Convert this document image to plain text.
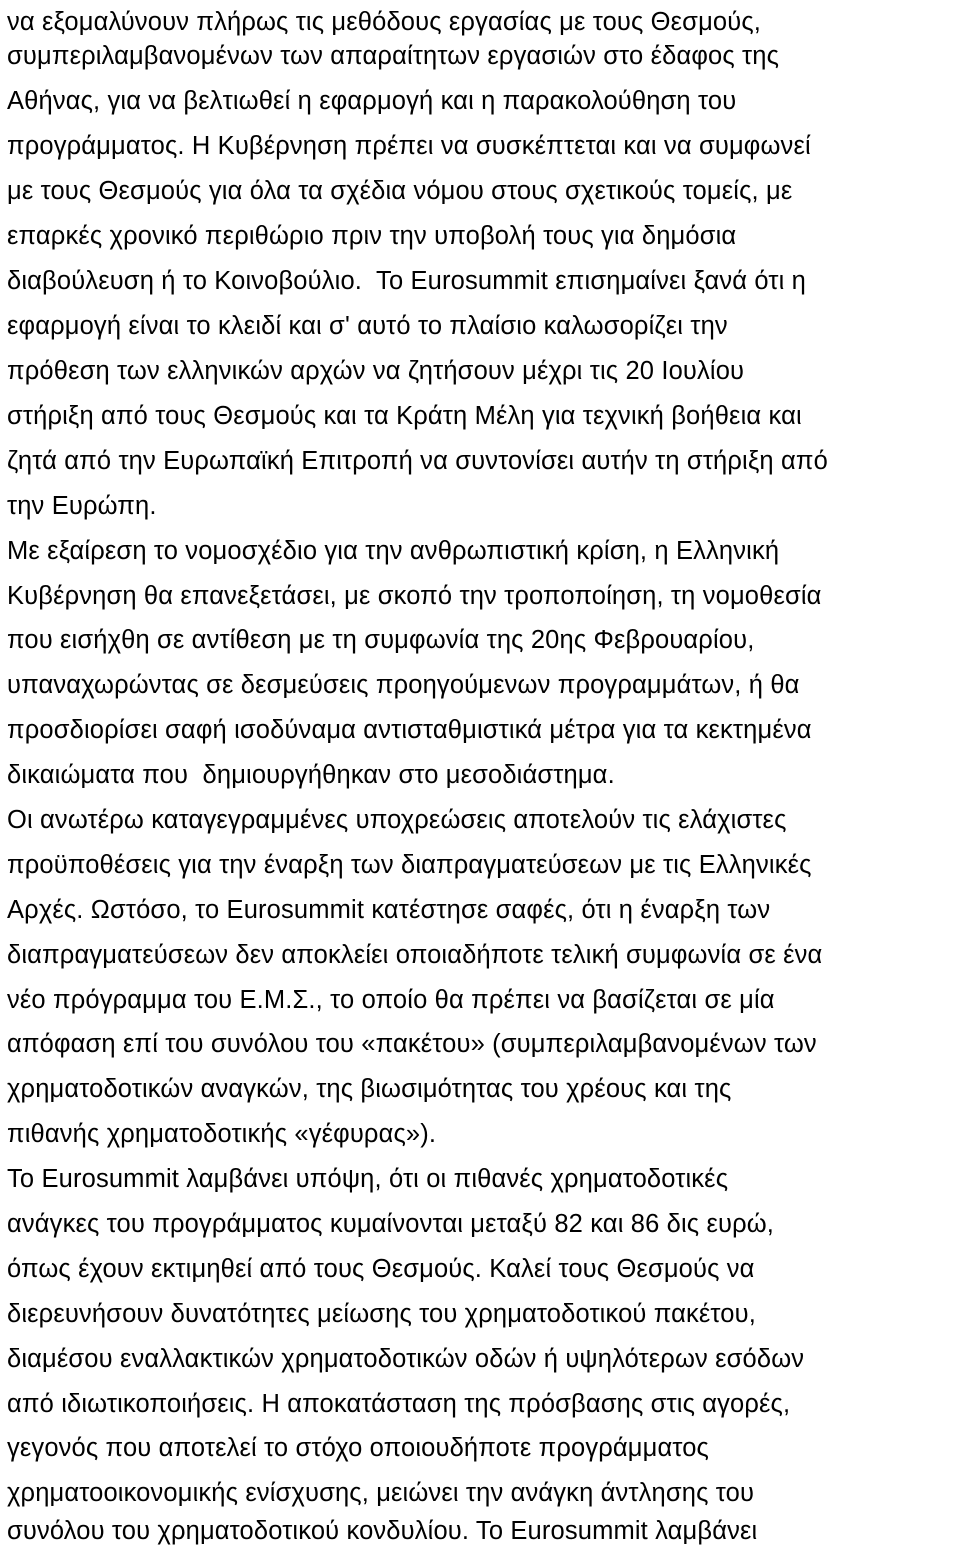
να εξομαλύνουν πλήρως τις μεθόδους εργασίας με τους Θεσμούς,
συμπεριλαμβανομένων των απαραίτητων εργασιών στο έδαφος της
Αθήνας, για να βελτιωθεί η εφαρμογή και η παρακολούθηση του
προγράμματος. Η Κυβέρνηση πρέπει να συσκέπτεται και να συμφωνεί
με τους Θεσμούς για όλα τα σχέδια νόμου στους σχετικούς τομείς, με
επαρκές χρονικό περιθώριο πριν την υποβολή τους για δημόσια
διαβούλευση ή το Κοινοβούλιο.  Το Eurosummit επισημαίνει ξανά ότι η
εφαρμογή είναι το κλειδί και σ' αυτό το πλαίσιο καλωσορίζει την
πρόθεση των ελληνικών αρχών να ζητήσουν μέχρι τις 20 Ιουλίου
στήριξη από τους Θεσμούς και τα Κράτη Μέλη για τεχνική βοήθεια και
ζητά από την Ευρωπαϊκή Επιτροπή να συντονίσει αυτήν τη στήριξη από
την Ευρώπη.
Με εξαίρεση το νομοσχέδιο για την ανθρωπιστική κρίση, η Ελληνική
Κυβέρνηση θα επανεξετάσει, με σκοπό την τροποποίηση, τη νομοθεσία
που εισήχθη σε αντίθεση με τη συμφωνία της 20ης Φεβρουαρίου,
υπαναχωρώντας σε δεσμεύσεις προηγούμενων προγραμμάτων, ή θα
προσδιορίσει σαφή ισοδύναμα αντισταθμιστικά μέτρα για τα κεκτημένα
δικαιώματα που  δημιουργήθηκαν στο μεσοδιάστημα.
Οι ανωτέρω καταγεγραμμένες υποχρεώσεις αποτελούν τις ελάχιστες
προϋποθέσεις για την έναρξη των διαπραγματεύσεων με τις Ελληνικές
Αρχές. Ωστόσο, το Eurosummit κατέστησε σαφές, ότι η έναρξη των
διαπραγματεύσεων δεν αποκλείει οποιαδήποτε τελική συμφωνία σε ένα
νέο πρόγραμμα του Ε.Μ.Σ., το οποίο θα πρέπει να βασίζεται σε μία
απόφαση επί του συνόλου του «πακέτου» (συμπεριλαμβανομένων των
χρηματοδοτικών αναγκών, της βιωσιμότητας του χρέους και της
πιθανής χρηματοδοτικής «γέφυρας»).
Το Eurosummit λαμβάνει υπόψη, ότι οι πιθανές χρηματοδοτικές
ανάγκες του προγράμματος κυμαίνονται μεταξύ 82 και 86 δις ευρώ,
όπως έχουν εκτιμηθεί από τους Θεσμούς. Καλεί τους Θεσμούς να
διερευνήσουν δυνατότητες μείωσης του χρηματοδοτικού πακέτου,
διαμέσου εναλλακτικών χρηματοδοτικών οδών ή υψηλότερων εσόδων
από ιδιωτικοποιήσεις. Η αποκατάσταση της πρόσβασης στις αγορές,
γεγονός που αποτελεί το στόχο οποιουδήποτε προγράμματος
χρηματοοικονομικής ενίσχυσης, μειώνει την ανάγκη άντλησης του
συνόλου του χρηματοδοτικού κονδυλίου. Το Eurosummit λαμβάνει
